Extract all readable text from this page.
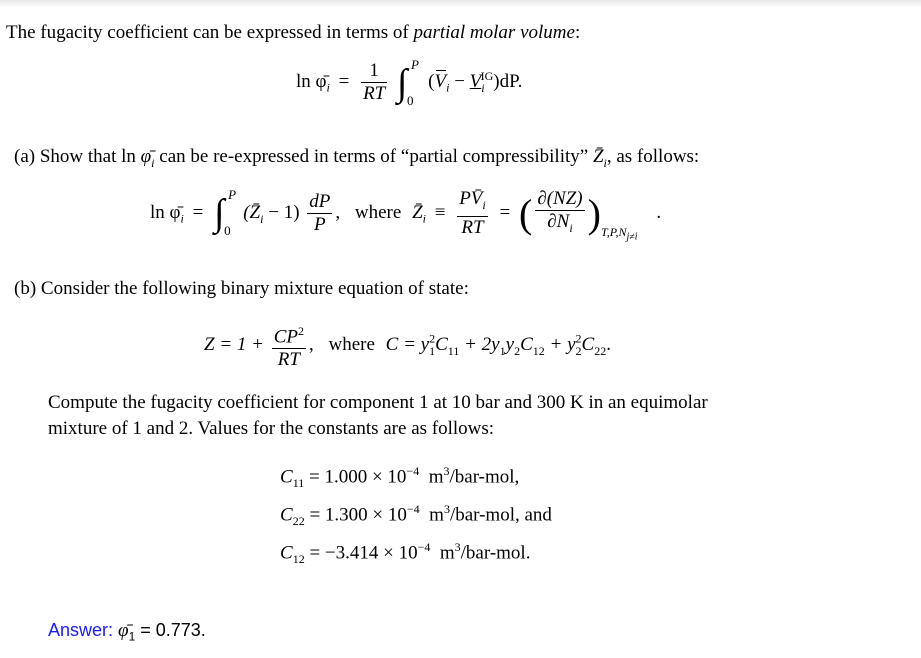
The fugacity coefficient can be expressed in terms of partial molar volume:
$\ln \varphī_i = \frac{1}{RT}$ ∫ P
0
$(V_i - V_i^{IG})dP$.
(a) Show that $\ln \varphī_i$ can be re-expressed in terms of “partial compressibility” $Z̄_i$, as follows:
$\ln \varphī_i$ = ∫ P
0
$(Z̄_i - 1) \frac{dP}{P}$ , where $Z̄_i \equiv \frac{PV̄_i}{RT}$ = ( $\frac{\partial(NZ)}{\partial N_i} )_{T,P,N_{j\ne i}}$ .
(b) Consider the following binary mixture equation of state:
$Z = 1 + \frac{CP^2}{RT}$ , where $C = y^2_1C_{11} + 2y_1y_2C_{12} + y^2_2C_{22}$.
Compute the fugacity coefficient for component 1 at 10 bar and 300 K in an equimolar
mixture of 1 and 2. Values for the constants are as follows:
$C_{11} = 1.000 \times 10^{-4}$  $m^3/bar$-mol,
$C_{22} = 1.300 \times 10^{-4}$  $m^3/bar$-mol, and
$C_{12} = -3.414 \times 10^{-4}$  $m^3/bar$-mol.
Answer: $\varphī_1 = 0.773$.
